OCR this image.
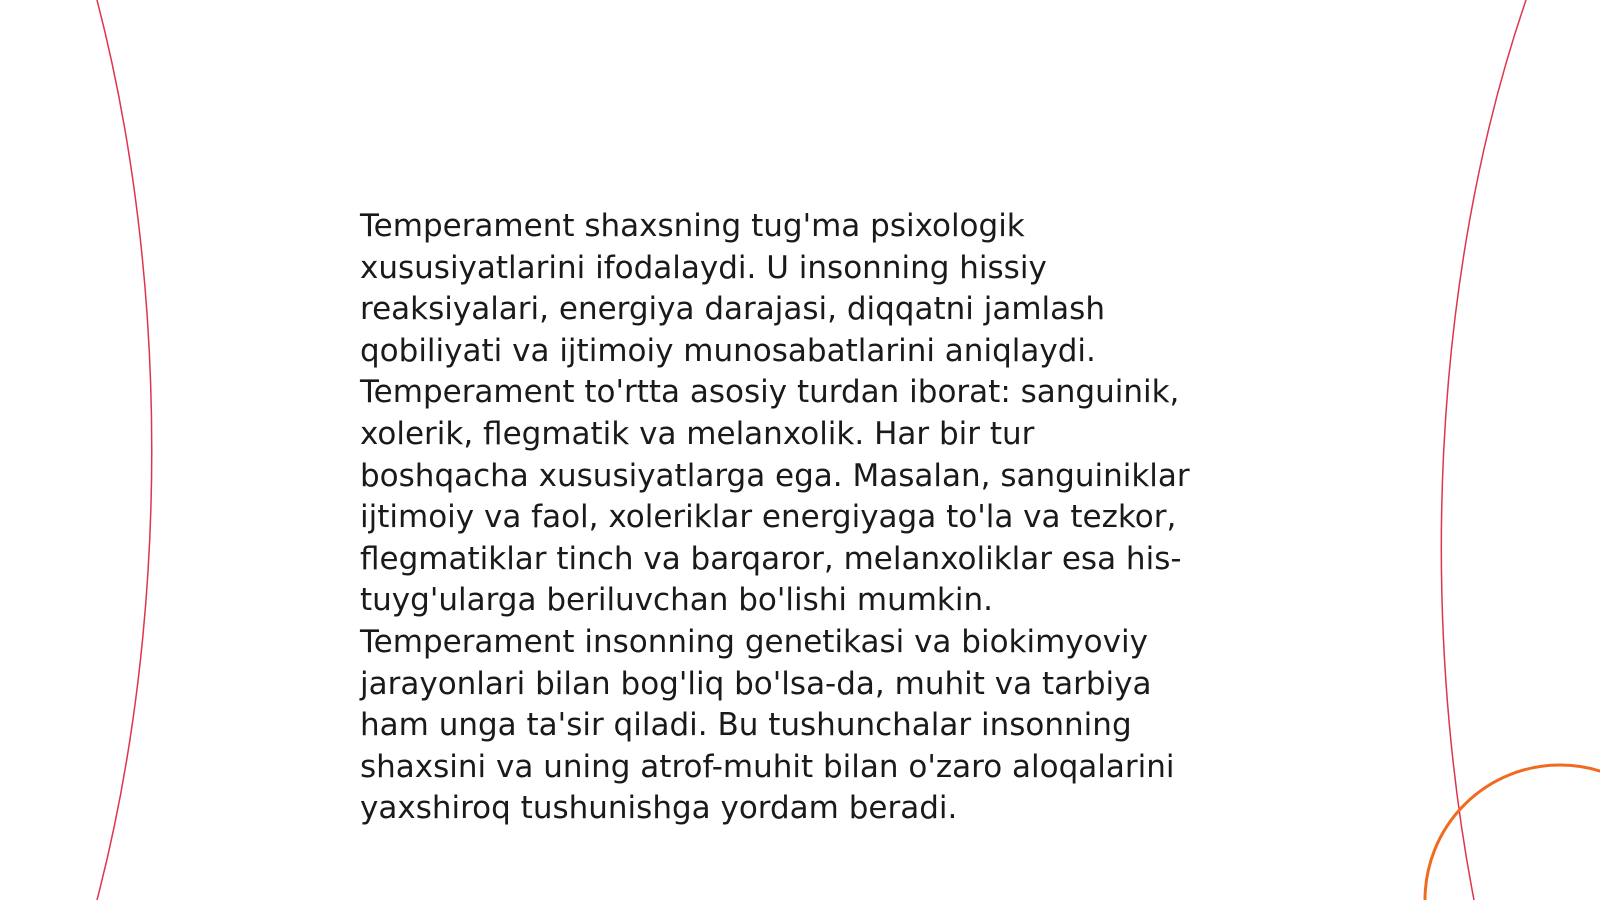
Temperament shaxsning tug'ma psixologik
xususiyatlarini ifodalaydi. U insonning hissiy
reaksiyalari, energiya darajasi, diqqatni jamlash
qobiliyati va ijtimoiy munosabatlarini aniqlaydi.
Temperament to'rtta asosiy turdan iborat: sanguinik,
xolerik, flegmatik va melanxolik. Har bir tur
boshqacha xususiyatlarga ega. Masalan, sanguiniklar
ijtimoiy va faol, xoleriklar energiyaga to'la va tezkor,
flegmatiklar tinch va barqaror, melanxoliklar esa his-
tuyg'ularga beriluvchan bo'lishi mumkin.
Temperament insonning genetikasi va biokimyoviy
jarayonlari bilan bog'liq bo'lsa-da, muhit va tarbiya
ham unga ta'sir qiladi. Bu tushunchalar insonning
shaxsini va uning atrof-muhit bilan o'zaro aloqalarini
yaxshiroq tushunishga yordam beradi.
